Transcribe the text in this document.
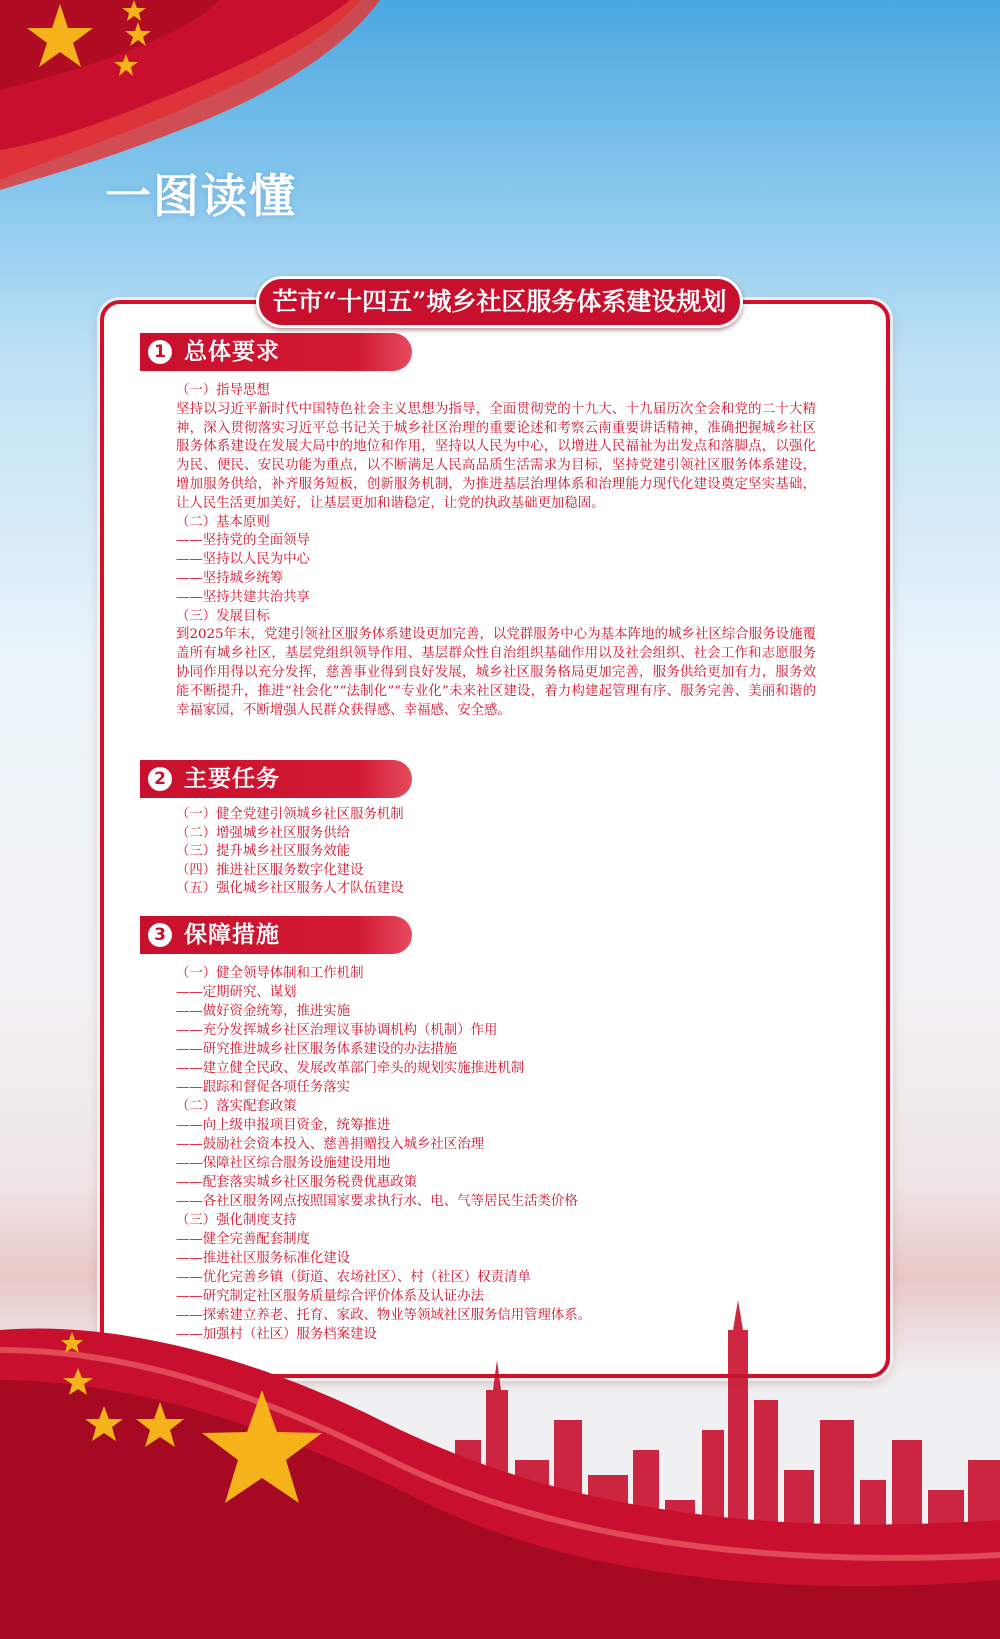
一图读懂
芒市“十四五”城乡社区服务体系建设规划
1 总体要求

（一）指导思想

坚持以习近平新时代中国特色社会主义思想为指导，全面贯彻党的十九大、十九届历次全会和党的二十大精神，深入贯彻落实习近平总书记关于城乡社区治理的重要论述和考察云南重要讲话精神，准确把握城乡社区服务体系建设在发展大局中的地位和作用，坚持以人民为中心，以增进人民福祉为出发点和落脚点，以强化为民、便民、安民功能为重点，以不断满足人民高品质生活需求为目标，坚持党建引领社区服务体系建设，增加服务供给，补齐服务短板，创新服务机制，为推进基层治理体系和治理能力现代化建设奠定坚实基础，让人民生活更加美好，让基层更加和谐稳定，让党的执政基础更加稳固。

（二）基本原则

——坚持党的全面领导

——坚持以人民为中心

——坚持城乡统筹

——坚持共建共治共享

（三）发展目标

到2025年末，党建引领社区服务体系建设更加完善，以党群服务中心为基本阵地的城乡社区综合服务设施覆盖所有城乡社区，基层党组织领导作用、基层群众性自治组织基础作用以及社会组织、社会工作和志愿服务协同作用得以充分发挥，慈善事业得到良好发展，城乡社区服务格局更加完善，服务供给更加有力，服务效能不断提升，推进“社会化”“法制化”“专业化”未来社区建设，着力构建起管理有序、服务完善、美丽和谐的幸福家园，不断增强人民群众获得感、幸福感、安全感。

2 主要任务

（一）健全党建引领城乡社区服务机制

（二）增强城乡社区服务供给

（三）提升城乡社区服务效能

（四）推进社区服务数字化建设

（五）强化城乡社区服务人才队伍建设

3 保障措施

（一）健全领导体制和工作机制

——定期研究、谋划

——做好资金统筹，推进实施

——充分发挥城乡社区治理议事协调机构（机制）作用

——研究推进城乡社区服务体系建设的办法措施

——建立健全民政、发展改革部门牵头的规划实施推进机制

——跟踪和督促各项任务落实

（二）落实配套政策

——向上级申报项目资金，统筹推进

——鼓励社会资本投入、慈善捐赠投入城乡社区治理

——保障社区综合服务设施建设用地

——配套落实城乡社区服务税费优惠政策

——各社区服务网点按照国家要求执行水、电、气等居民生活类价格

（三）强化制度支持

——健全完善配套制度

——推进社区服务标准化建设

——优化完善乡镇（街道、农场社区）、村（社区）权责清单

——研究制定社区服务质量综合评价体系及认证办法

——探索建立养老、托育、家政、物业等领域社区服务信用管理体系。

——加强村（社区）服务档案建设
